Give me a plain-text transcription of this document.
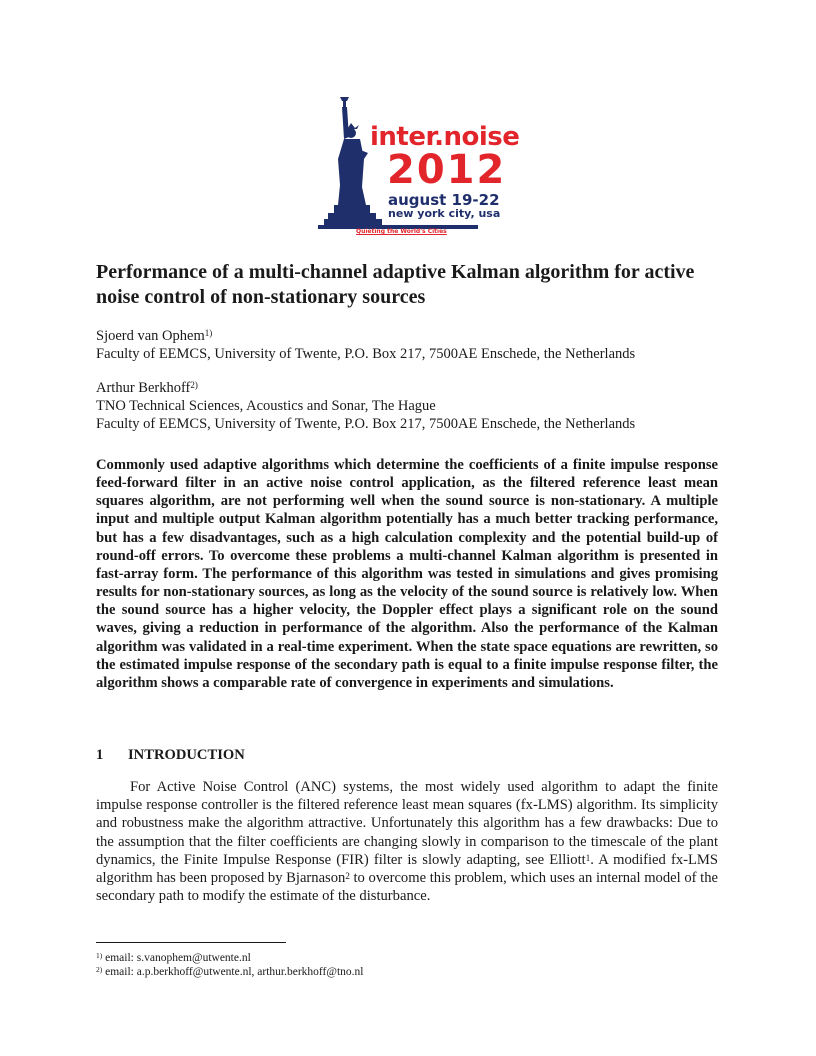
inter.noise
2012
august 19-22
new york city, usa
Quieting the World's Cities
Performance of a multi-channel adaptive Kalman algorithm for active noise control of non-stationary sources

Sjoerd van Ophem$^{1)}$

Faculty of EEMCS, University of Twente, P.O. Box 217, 7500AE Enschede, the Netherlands

Arthur Berkhoff$^{2)}$

TNO Technical Sciences, Acoustics and Sonar, The Hague

Faculty of EEMCS, University of Twente, P.O. Box 217, 7500AE Enschede, the Netherlands

Commonly used adaptive algorithms which determine the coefficients of a finite impulse response feed-forward filter in an active noise control application, as the filtered reference least mean squares algorithm, are not performing well when the sound source is non-stationary. A multiple input and multiple output Kalman algorithm potentially has a much better tracking performance, but has a few disadvantages, such as a high calculation complexity and the potential build-up of round-off errors. To overcome these problems a multi-channel Kalman algorithm is presented in fast-array form. The performance of this algorithm was tested in simulations and gives promising results for non-stationary sources, as long as the velocity of the sound source is relatively low. When the sound source has a higher velocity, the Doppler effect plays a significant role on the sound waves, giving a reduction in performance of the algorithm. Also the performance of the Kalman algorithm was validated in a real-time experiment. When the state space equations are rewritten, so the estimated impulse response of the secondary path is equal to a finite impulse response filter, the algorithm shows a comparable rate of convergence in experiments and simulations.

1 INTRODUCTION

For Active Noise Control (ANC) systems, the most widely used algorithm to adapt the finite impulse response controller is the filtered reference least mean squares (fx-LMS) algorithm. Its simplicity and robustness make the algorithm attractive. Unfortunately this algorithm has a few drawbacks: Due to the assumption that the filter coefficients are changing slowly in comparison to the timescale of the plant dynamics, the Finite Impulse Response (FIR) filter is slowly adapting, see Elliott$^1$. A modified fx-LMS algorithm has been proposed by Bjarnason$^2$ to overcome this problem, which uses an internal model of the secondary path to modify the estimate of the disturbance.

$^{1)}$ email: s.vanophem@utwente.nl

$^{2)}$ email: a.p.berkhoff@utwente.nl, arthur.berkhoff@tno.nl
